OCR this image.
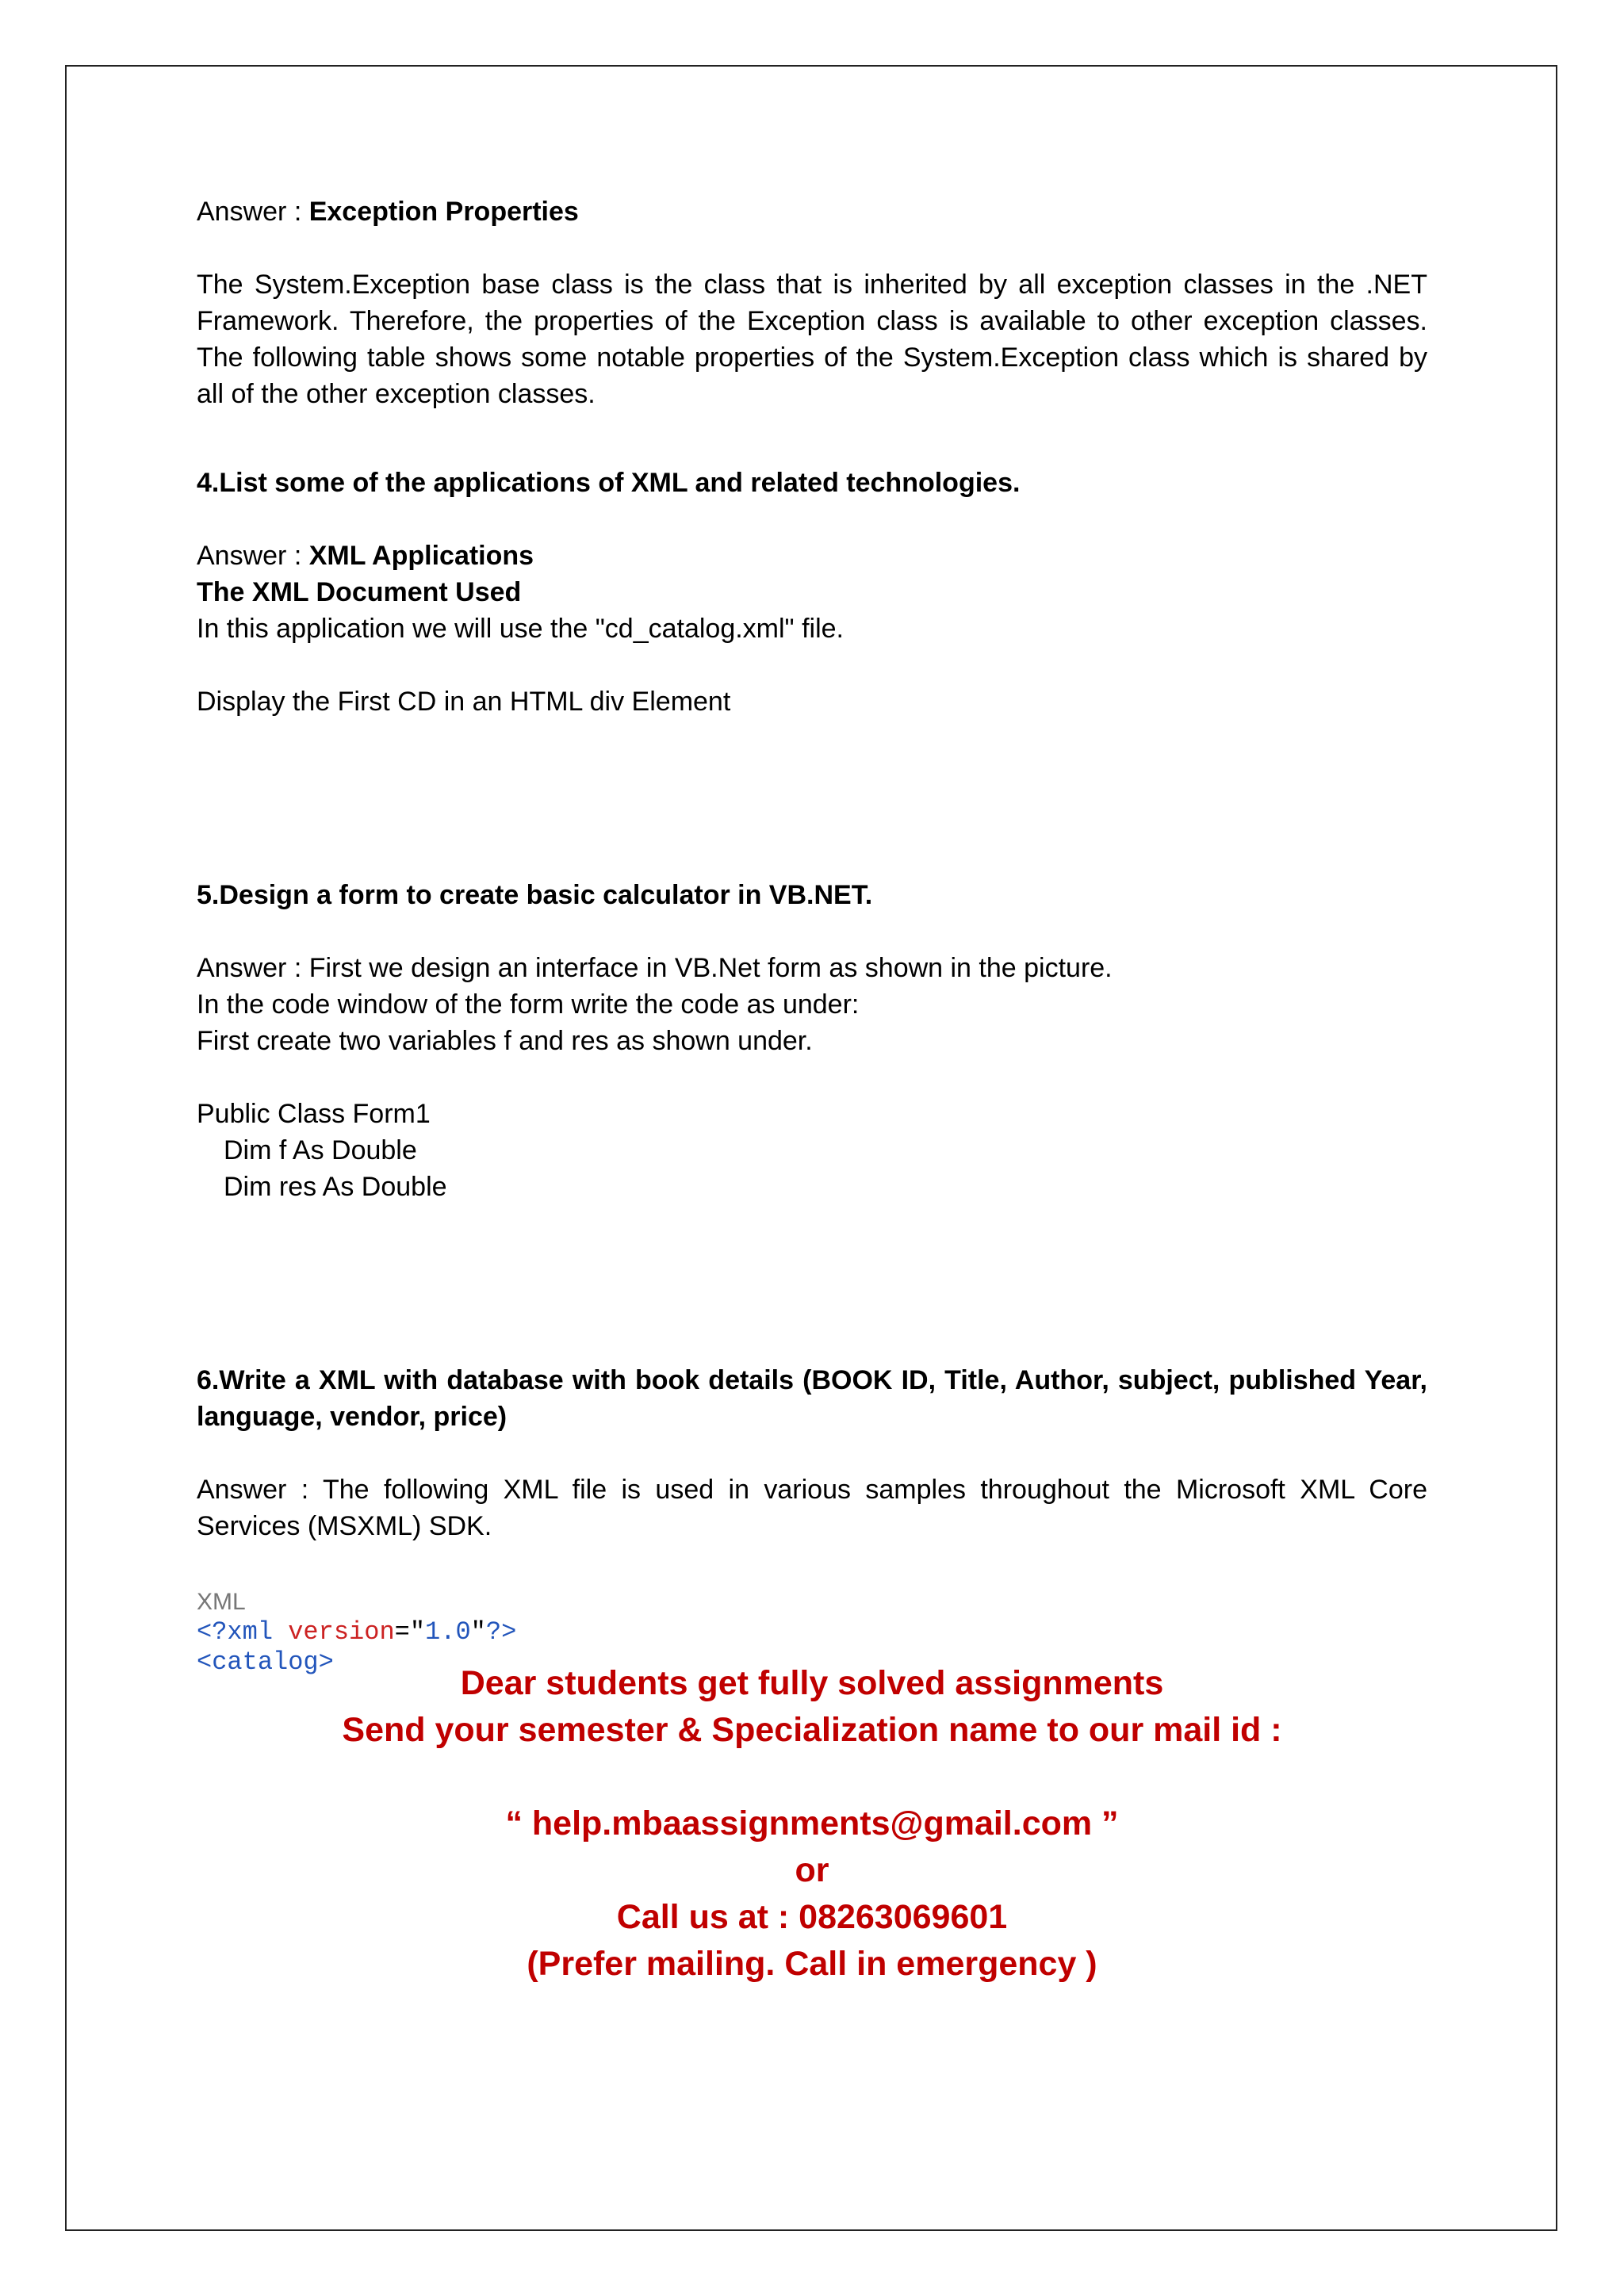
Answer : Exception Properties

The System.Exception base class is the class that is inherited by all exception classes in the .NET Framework. Therefore, the properties of the Exception class is available to other exception classes. The following table shows some notable properties of the System.Exception class which is shared by all of the other exception classes.

4.List some of the applications of XML and related technologies.

Answer : XML Applications

The XML Document Used

In this application we will use the "cd_catalog.xml" file.

Display the First CD in an HTML div Element

5.Design a form to create basic calculator in VB.NET.

Answer : First we design an interface in VB.Net form as shown in the picture.

In the code window of the form write the code as under:

First create two variables f and res as shown under.

Public Class Form1

Dim f As Double

Dim res As Double

6.Write a XML with database with book details (BOOK ID, Title, Author, subject, published Year, language, vendor, price)

Answer : The following XML file is used in various samples throughout the Microsoft XML Core Services (MSXML) SDK.

XML

<?xml version="1.0"?>
<catalog>

Dear students get fully solved assignments

Send your semester & Specialization name to our mail id :

“ help.mbaassignments@gmail.com ”

or

Call us at : 08263069601

(Prefer mailing. Call in emergency )
